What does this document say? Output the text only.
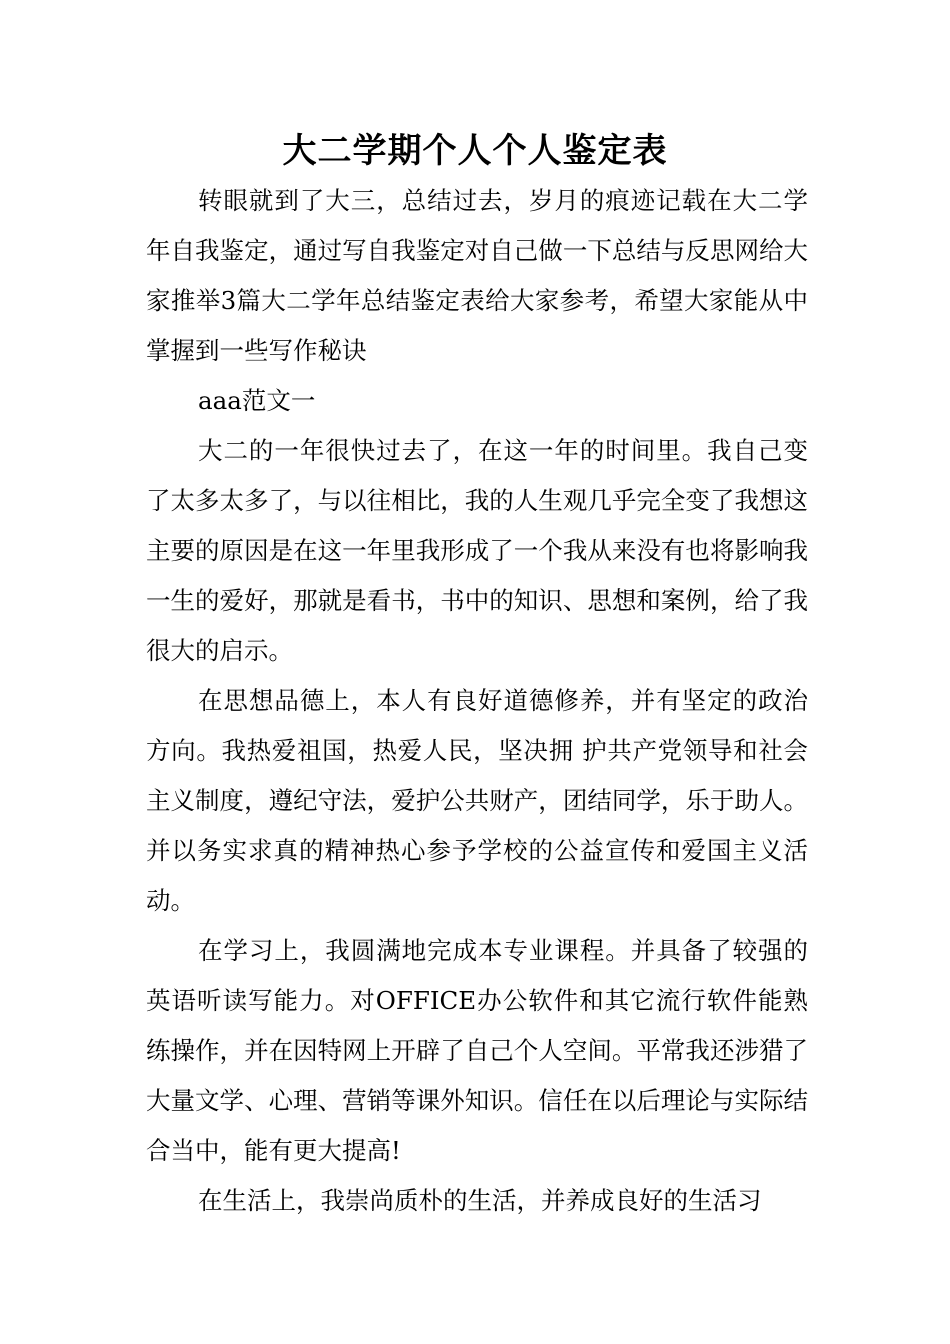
大二学期个人个人鉴定表

转眼就到了大三，总结过去，岁月的痕迹记载在大二学年自我鉴定，通过写自我鉴定对自己做一下总结与反思网给大家推举3篇大二学年总结鉴定表给大家参考，希望大家能从中掌握到一些写作秘诀

aaa范文一

大二的一年很快过去了，在这一年的时间里。我自己变了太多太多了，与以往相比，我的人生观几乎完全变了我想这主要的原因是在这一年里我形成了一个我从来没有也将影响我一生的爱好，那就是看书，书中的知识、思想和案例，给了我很大的启示。

在思想品德上，本人有良好道德修养，并有坚定的政治方向。我热爱祖国，热爱人民，坚决拥 护共产党领导和社会主义制度，遵纪守法，爱护公共财产，团结同学，乐于助人。并以务实求真的精神热心参予学校的公益宣传和爱国主义活动。

在学习上，我圆满地完成本专业课程。并具备了较强的英语听读写能力。对OFFICE办公软件和其它流行软件能熟练操作，并在因特网上开辟了自己个人空间。平常我还涉猎了大量文学、心理、营销等课外知识。信任在以后理论与实际结合当中，能有更大提高!

在生活上，我崇尚质朴的生活，并养成良好的生活习
